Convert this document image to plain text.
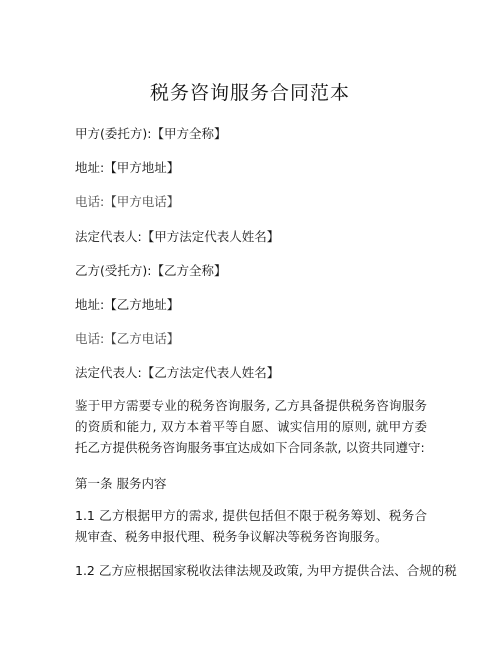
税务咨询服务合同范本
甲方(委托方):【甲方全称】
地址:【甲方地址】
电话:【甲方电话】
法定代表人:【甲方法定代表人姓名】
乙方(受托方):【乙方全称】
地址:【乙方地址】
电话:【乙方电话】
法定代表人:【乙方法定代表人姓名】
鉴于甲方需要专业的税务咨询服务, 乙方具备提供税务咨询服务的资质和能力, 双方本着平等自愿、诚实信用的原则, 就甲方委托乙方提供税务咨询服务事宜达成如下合同条款, 以资共同遵守:
第一条 服务内容
1.1 乙方根据甲方的需求, 提供包括但不限于税务筹划、税务合规审查、税务申报代理、税务争议解决等税务咨询服务。
1.2 乙方应根据国家税收法律法规及政策, 为甲方提供合法、合规的税
